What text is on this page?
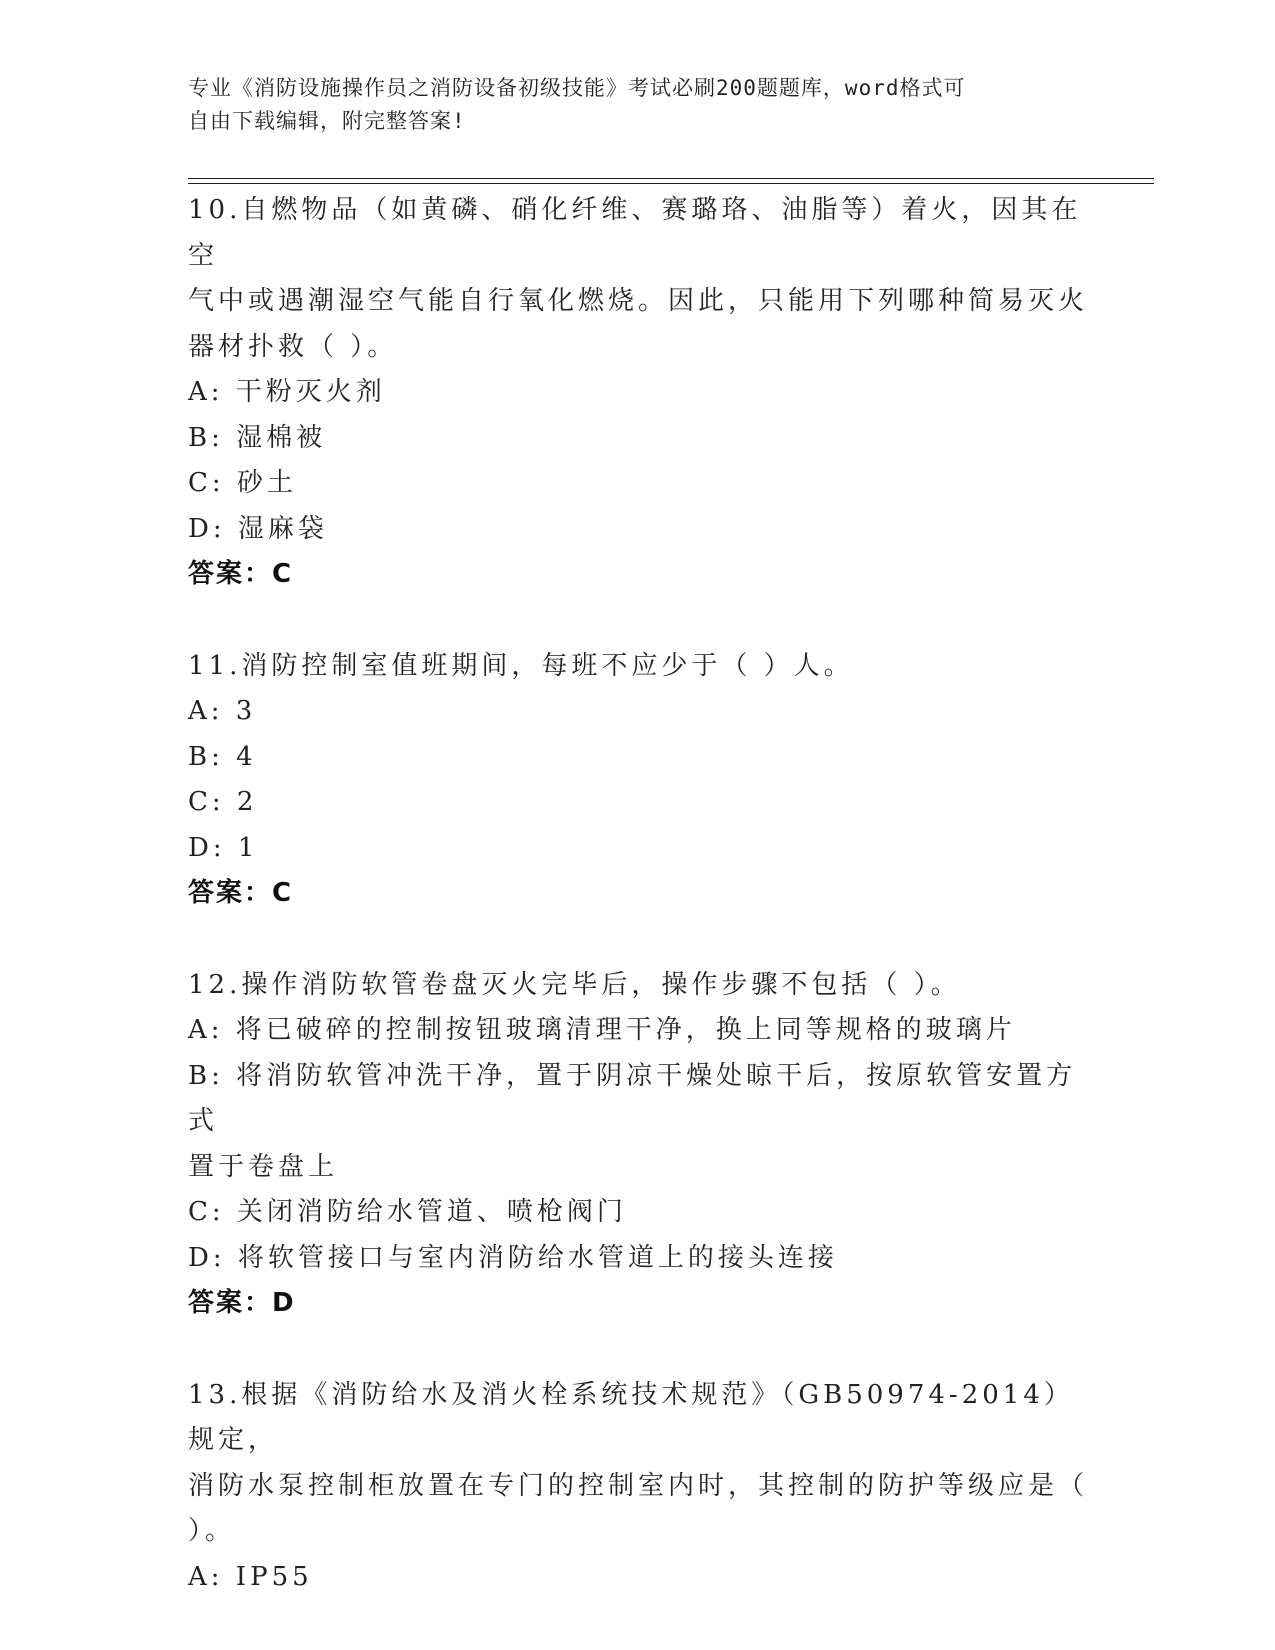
专业《消防设施操作员之消防设备初级技能》考试必刷200题题库，word格式可
自由下载编辑，附完整答案!

10.自燃物品（如黄磷、硝化纤维、赛璐珞、油脂等）着火，因其在空

气中或遇潮湿空气能自行氧化燃烧。因此，只能用下列哪种简易灭火

器材扑救（ ）。

A: 干粉灭火剂

B: 湿棉被

C: 砂土

D: 湿麻袋

答案：C

11.消防控制室值班期间，每班不应少于（ ）人。

A: 3

B: 4

C: 2

D: 1

答案：C

12.操作消防软管卷盘灭火完毕后，操作步骤不包括（ ）。

A: 将已破碎的控制按钮玻璃清理干净，换上同等规格的玻璃片

B: 将消防软管冲洗干净，置于阴凉干燥处晾干后，按原软管安置方式

置于卷盘上

C: 关闭消防给水管道、喷枪阀门

D: 将软管接口与室内消防给水管道上的接头连接

答案：D

13.根据《消防给水及消火栓系统技术规范》（GB50974-2014）规定，

消防水泵控制柜放置在专门的控制室内时，其控制的防护等级应是（

）。

A: IP55
